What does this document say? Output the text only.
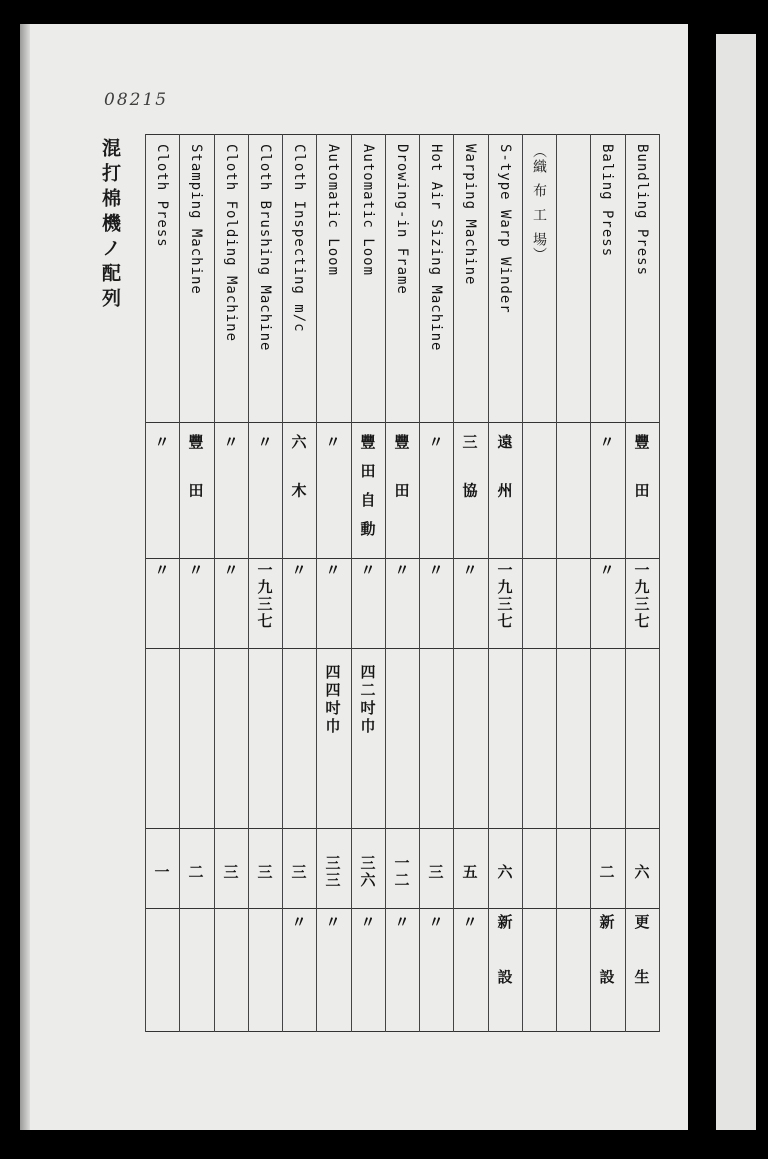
08215
混打棉機ノ配列	Bundling Press
豐 田
一九三七
六
更生
Baling Press
〃
〃
二
新設
（織 布 工 場）
S-type Warp Winder
遠 州
一九三七
六
新設
Warping Machine
三 協
〃
五
〃
Hot Air Sizing Machine
〃
〃
三
〃
Drowing-in Frame
豐 田
〃
一二
〃
Automatic Loom
豐田自動
〃
四二吋巾
三六
〃
Automatic Loom
〃
〃
四四吋巾
三三
〃
Cloth Inspecting m/c
六 木
〃
三
〃
Cloth Brushing Machine
〃
一九三七
三
Cloth Folding Machine
〃
〃
三
Stamping Machine
豐 田
〃
二
Cloth Press
〃
〃
一
